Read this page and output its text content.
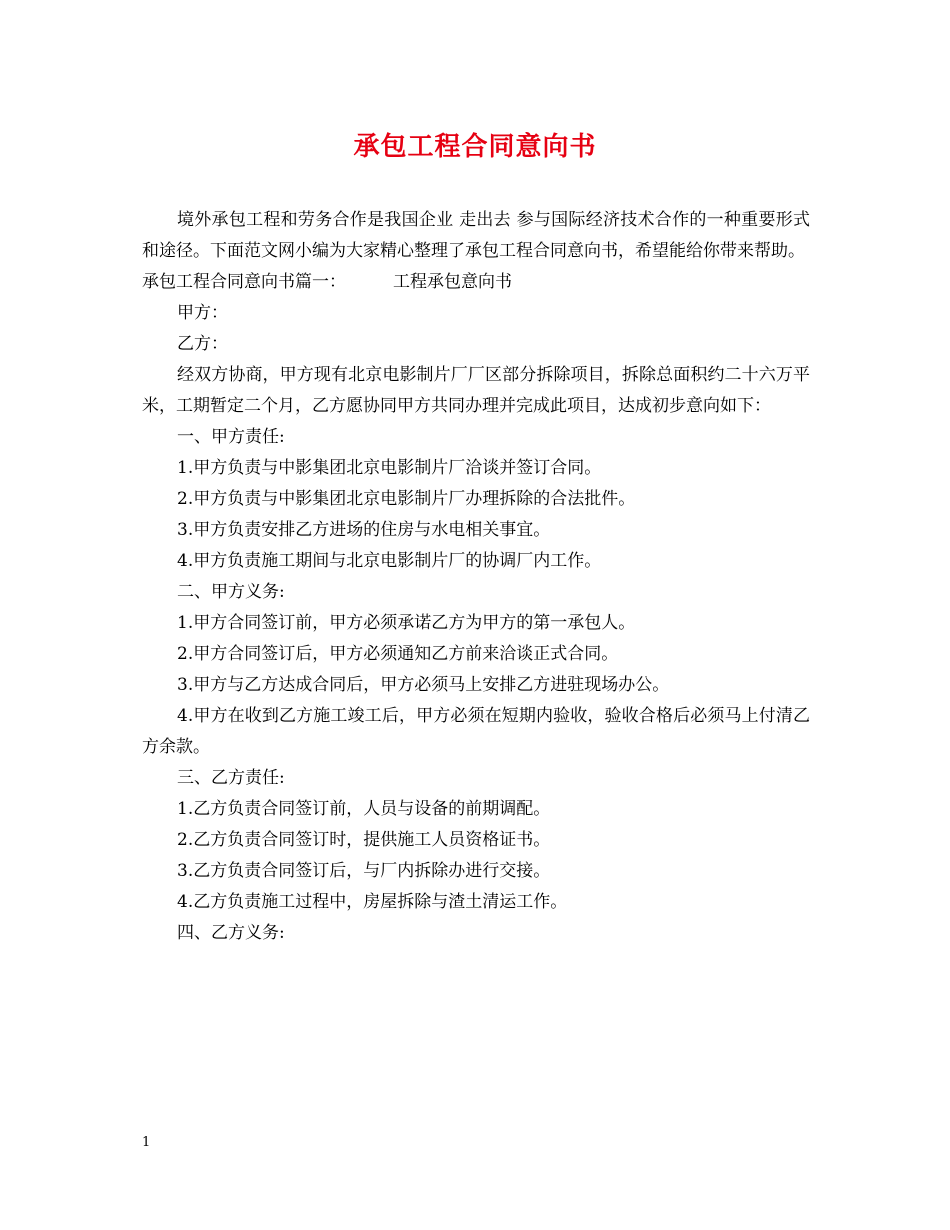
承包工程合同意向书

境外承包工程和劳务合作是我国企业 走出去 参与国际经济技术合作的一种重要形式和途径。下面范文网小编为大家精心整理了承包工程合同意向书，希望能给你带来帮助。

承包工程合同意向书篇一：	工程承包意向书

甲方：

乙方：

经双方协商，甲方现有北京电影制片厂厂区部分拆除项目，拆除总面积约二十六万平米，工期暂定二个月，乙方愿协同甲方共同办理并完成此项目，达成初步意向如下：

一、甲方责任:

1.甲方负责与中影集团北京电影制片厂洽谈并签订合同。

2.甲方负责与中影集团北京电影制片厂办理拆除的合法批件。

3.甲方负责安排乙方进场的住房与水电相关事宜。

4.甲方负责施工期间与北京电影制片厂的协调厂内工作。

二、甲方义务:

1.甲方合同签订前，甲方必须承诺乙方为甲方的第一承包人。

2.甲方合同签订后，甲方必须通知乙方前来洽谈正式合同。

3.甲方与乙方达成合同后，甲方必须马上安排乙方进驻现场办公。

4.甲方在收到乙方施工竣工后，甲方必须在短期内验收，验收合格后必须马上付清乙方余款。

三、乙方责任:

1.乙方负责合同签订前，人员与设备的前期调配。

2.乙方负责合同签订时，提供施工人员资格证书。

3.乙方负责合同签订后，与厂内拆除办进行交接。

4.乙方负责施工过程中，房屋拆除与渣土清运工作。

四、乙方义务:

1
